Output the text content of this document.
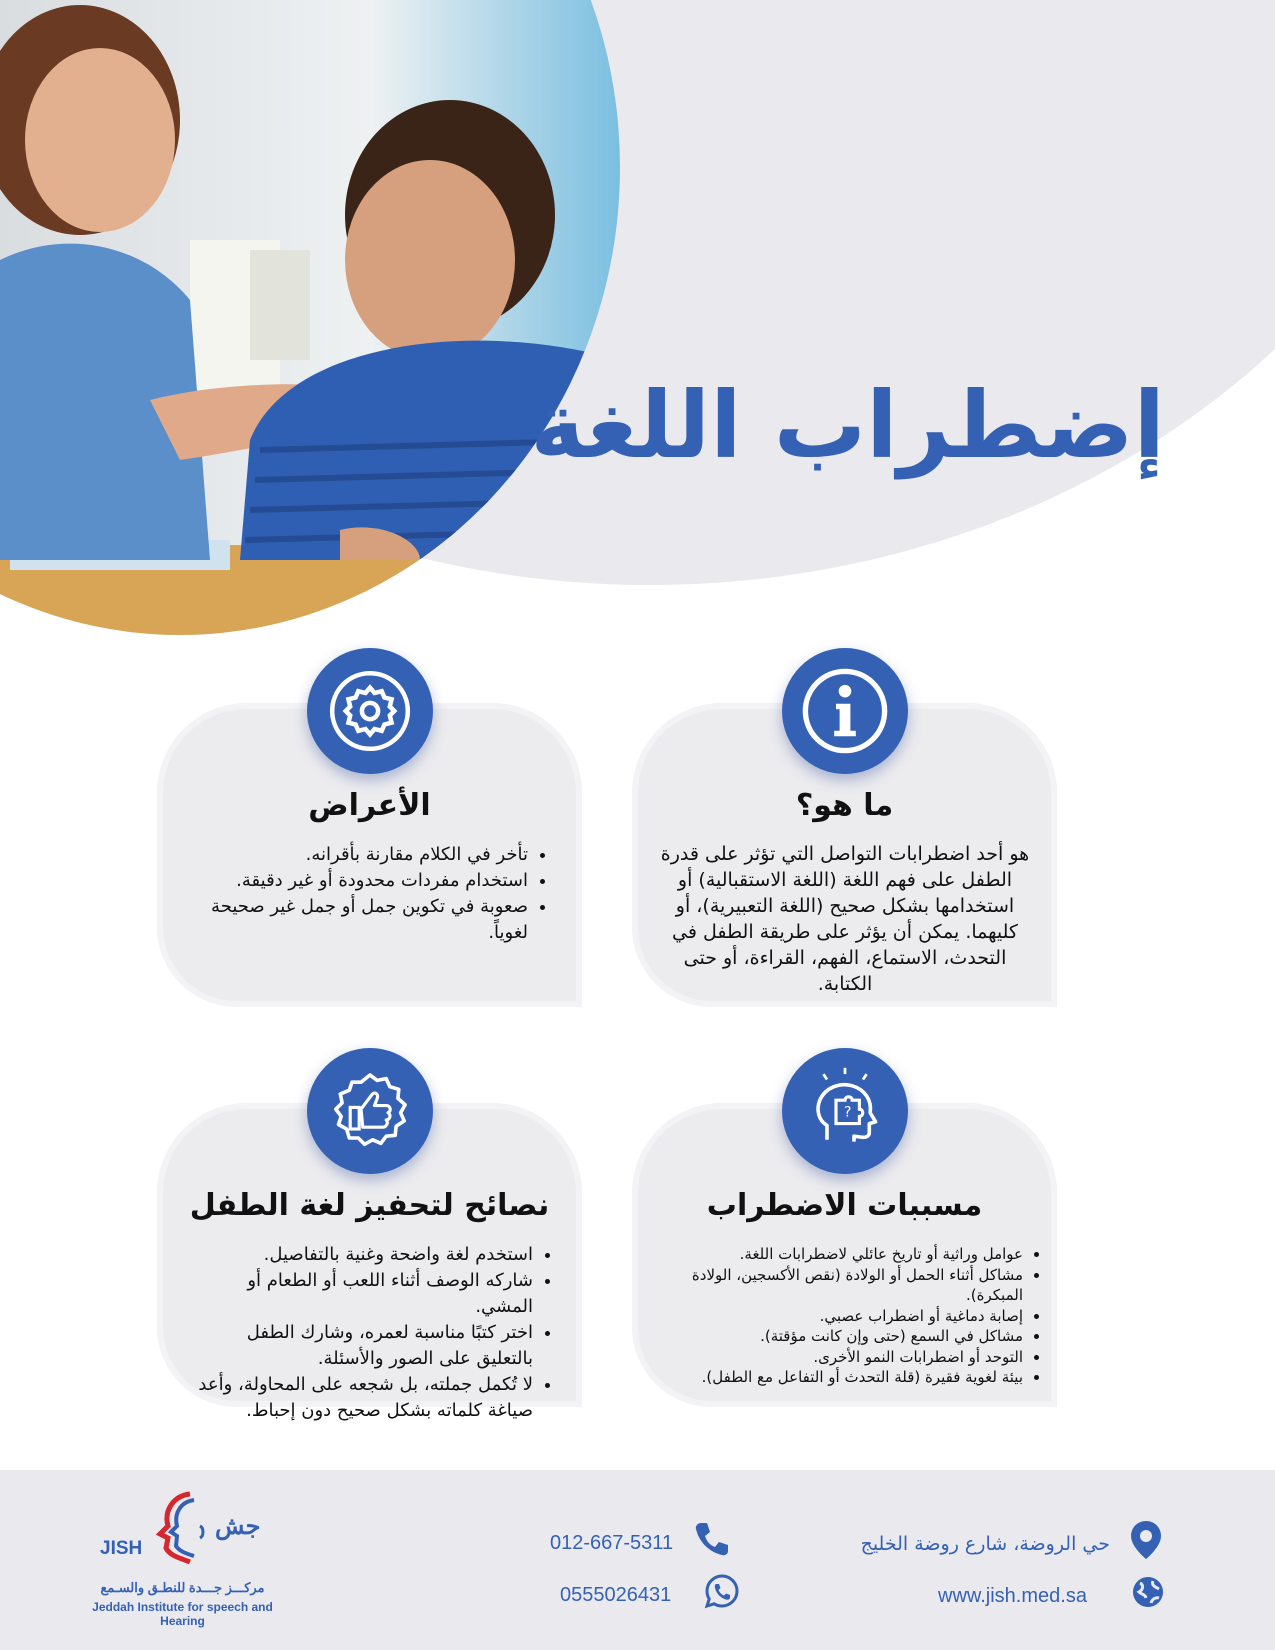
إضطراب اللغة
ما هو؟

هو أحد اضطرابات التواصل التي تؤثر على قدرة

الطفل على فهم اللغة (اللغة الاستقبالية) أو

استخدامها بشكل صحيح (اللغة التعبيرية)، أو

كليهما. يمكن أن يؤثر على طريقة الطفل في

التحدث، الاستماع، الفهم، القراءة، أو حتى

الكتابة.

الأعراض
• تأخر في الكلام مقارنة بأقرانه.
• استخدام مفردات محدودة أو غير دقيقة.
• صعوبة في تكوين جمل أو جمل غير صحيحة لغوياً.
?
مسببات الاضطراب
• عوامل وراثية أو تاريخ عائلي لاضطرابات اللغة.
• مشاكل أثناء الحمل أو الولادة (نقص الأكسجين، الولادة المبكرة).
• إصابة دماغية أو اضطراب عصبي.
• مشاكل في السمع (حتى وإن كانت مؤقتة).
• التوحد أو اضطرابات النمو الأخرى.
• بيئة لغوية فقيرة (قلة التحدث أو التفاعل مع الطفل).
نصائح لتحفيز لغة الطفل
• استخدم لغة واضحة وغنية بالتفاصيل.
• شاركه الوصف أثناء اللعب أو الطعام أو المشي.
• اختر كتبًا مناسبة لعمره، وشارك الطفل بالتعليق على الصور والأسئلة.
• لا تُكمل جملته، بل شجعه على المحاولة، وأعد صياغة كلماته بشكل صحيح دون إحباط.
حي الروضة، شارع روضة الخليج
www.jish.med.sa
012-667-5311
0555026431
جش
JISH
مركـــز جـــدة للنطـق والسـمع
Jeddah Institute for speech and Hearing
